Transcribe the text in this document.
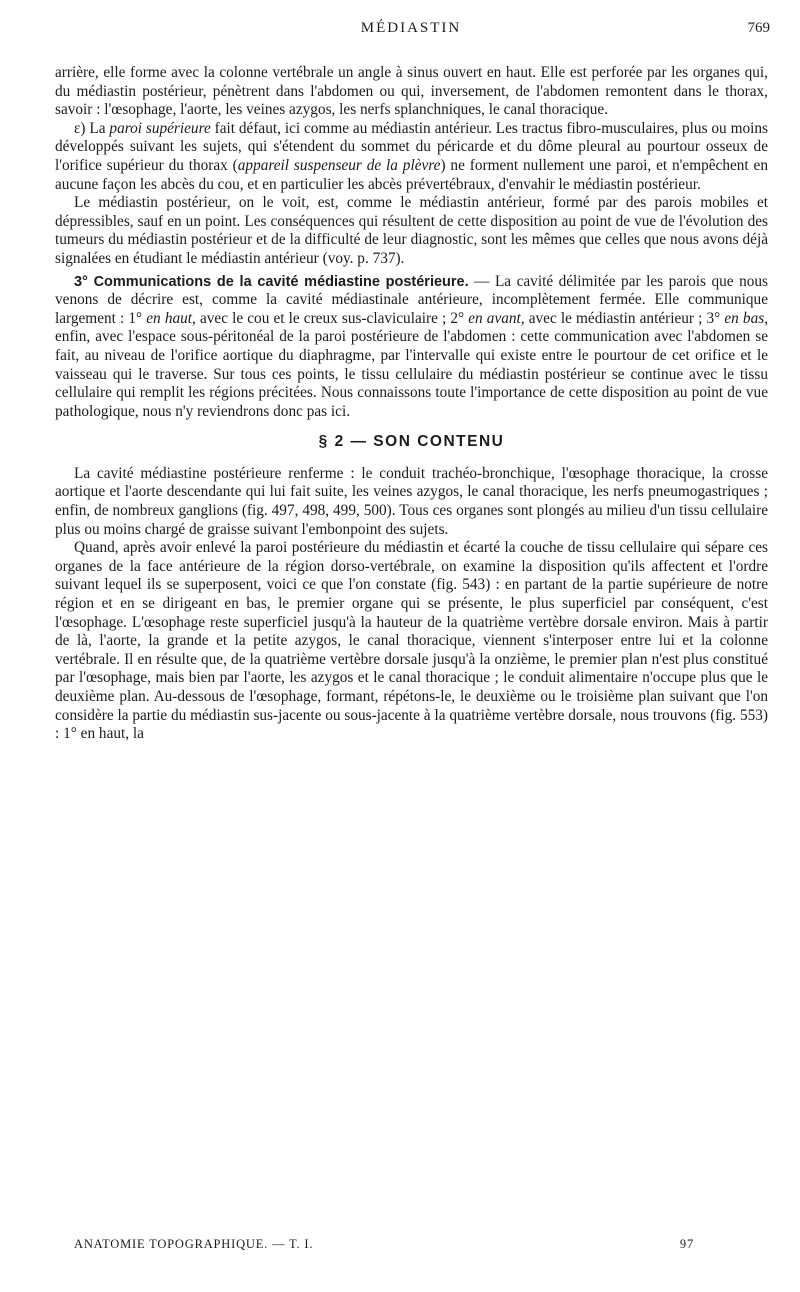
MÉDIASTIN	769

arrière, elle forme avec la colonne vertébrale un angle à sinus ouvert en haut. Elle est perforée par les organes qui, du médiastin postérieur, pénètrent dans l'abdomen ou qui, inversement, de l'abdomen remontent dans le thorax, savoir : l'œsophage, l'aorte, les veines azygos, les nerfs splanchniques, le canal thoracique.

ε) La paroi supérieure fait défaut, ici comme au médiastin antérieur. Les tractus fibro-musculaires, plus ou moins développés suivant les sujets, qui s'étendent du sommet du péricarde et du dôme pleural au pourtour osseux de l'orifice supérieur du thorax (appareil suspenseur de la plèvre) ne forment nullement une paroi, et n'empêchent en aucune façon les abcès du cou, et en particulier les abcès prévertébraux, d'envahir le médiastin postérieur.

Le médiastin postérieur, on le voit, est, comme le médiastin antérieur, formé par des parois mobiles et dépressibles, sauf en un point. Les conséquences qui résultent de cette disposition au point de vue de l'évolution des tumeurs du médiastin postérieur et de la difficulté de leur diagnostic, sont les mêmes que celles que nous avons déjà signalées en étudiant le médiastin antérieur (voy. p. 737).

3° Communications de la cavité médiastine postérieure. — La cavité délimitée par les parois que nous venons de décrire est, comme la cavité médiastinale antérieure, incomplètement fermée. Elle communique largement : 1° en haut, avec le cou et le creux sus-claviculaire ; 2° en avant, avec le médiastin antérieur ; 3° en bas, enfin, avec l'espace sous-péritonéal de la paroi postérieure de l'abdomen : cette communication avec l'abdomen se fait, au niveau de l'orifice aortique du diaphragme, par l'intervalle qui existe entre le pourtour de cet orifice et le vaisseau qui le traverse. Sur tous ces points, le tissu cellulaire du médiastin postérieur se continue avec le tissu cellulaire qui remplit les régions précitées. Nous connaissons toute l'importance de cette disposition au point de vue pathologique, nous n'y reviendrons donc pas ici.

§ 2 — SON CONTENU

La cavité médiastine postérieure renferme : le conduit trachéo-bronchique, l'œsophage thoracique, la crosse aortique et l'aorte descendante qui lui fait suite, les veines azygos, le canal thoracique, les nerfs pneumogastriques ; enfin, de nombreux ganglions (fig. 497, 498, 499, 500). Tous ces organes sont plongés au milieu d'un tissu cellulaire plus ou moins chargé de graisse suivant l'embonpoint des sujets.

Quand, après avoir enlevé la paroi postérieure du médiastin et écarté la couche de tissu cellulaire qui sépare ces organes de la face antérieure de la région dorso-vertébrale, on examine la disposition qu'ils affectent et l'ordre suivant lequel ils se superposent, voici ce que l'on constate (fig. 543) : en partant de la partie supérieure de notre région et en se dirigeant en bas, le premier organe qui se présente, le plus superficiel par conséquent, c'est l'œsophage. L'œsophage reste superficiel jusqu'à la hauteur de la quatrième vertèbre dorsale environ. Mais à partir de là, l'aorte, la grande et la petite azygos, le canal thoracique, viennent s'interposer entre lui et la colonne vertébrale. Il en résulte que, de la quatrième vertèbre dorsale jusqu'à la onzième, le premier plan n'est plus constitué par l'œsophage, mais bien par l'aorte, les azygos et le canal thoracique ; le conduit alimentaire n'occupe plus que le deuxième plan. Au-dessous de l'œsophage, formant, répétons-le, le deuxième ou le troisième plan suivant que l'on considère la partie du médiastin sus-jacente ou sous-jacente à la quatrième vertèbre dorsale, nous trouvons (fig. 553) : 1° en haut, la

ANATOMIE TOPOGRAPHIQUE. — T. I.	97
